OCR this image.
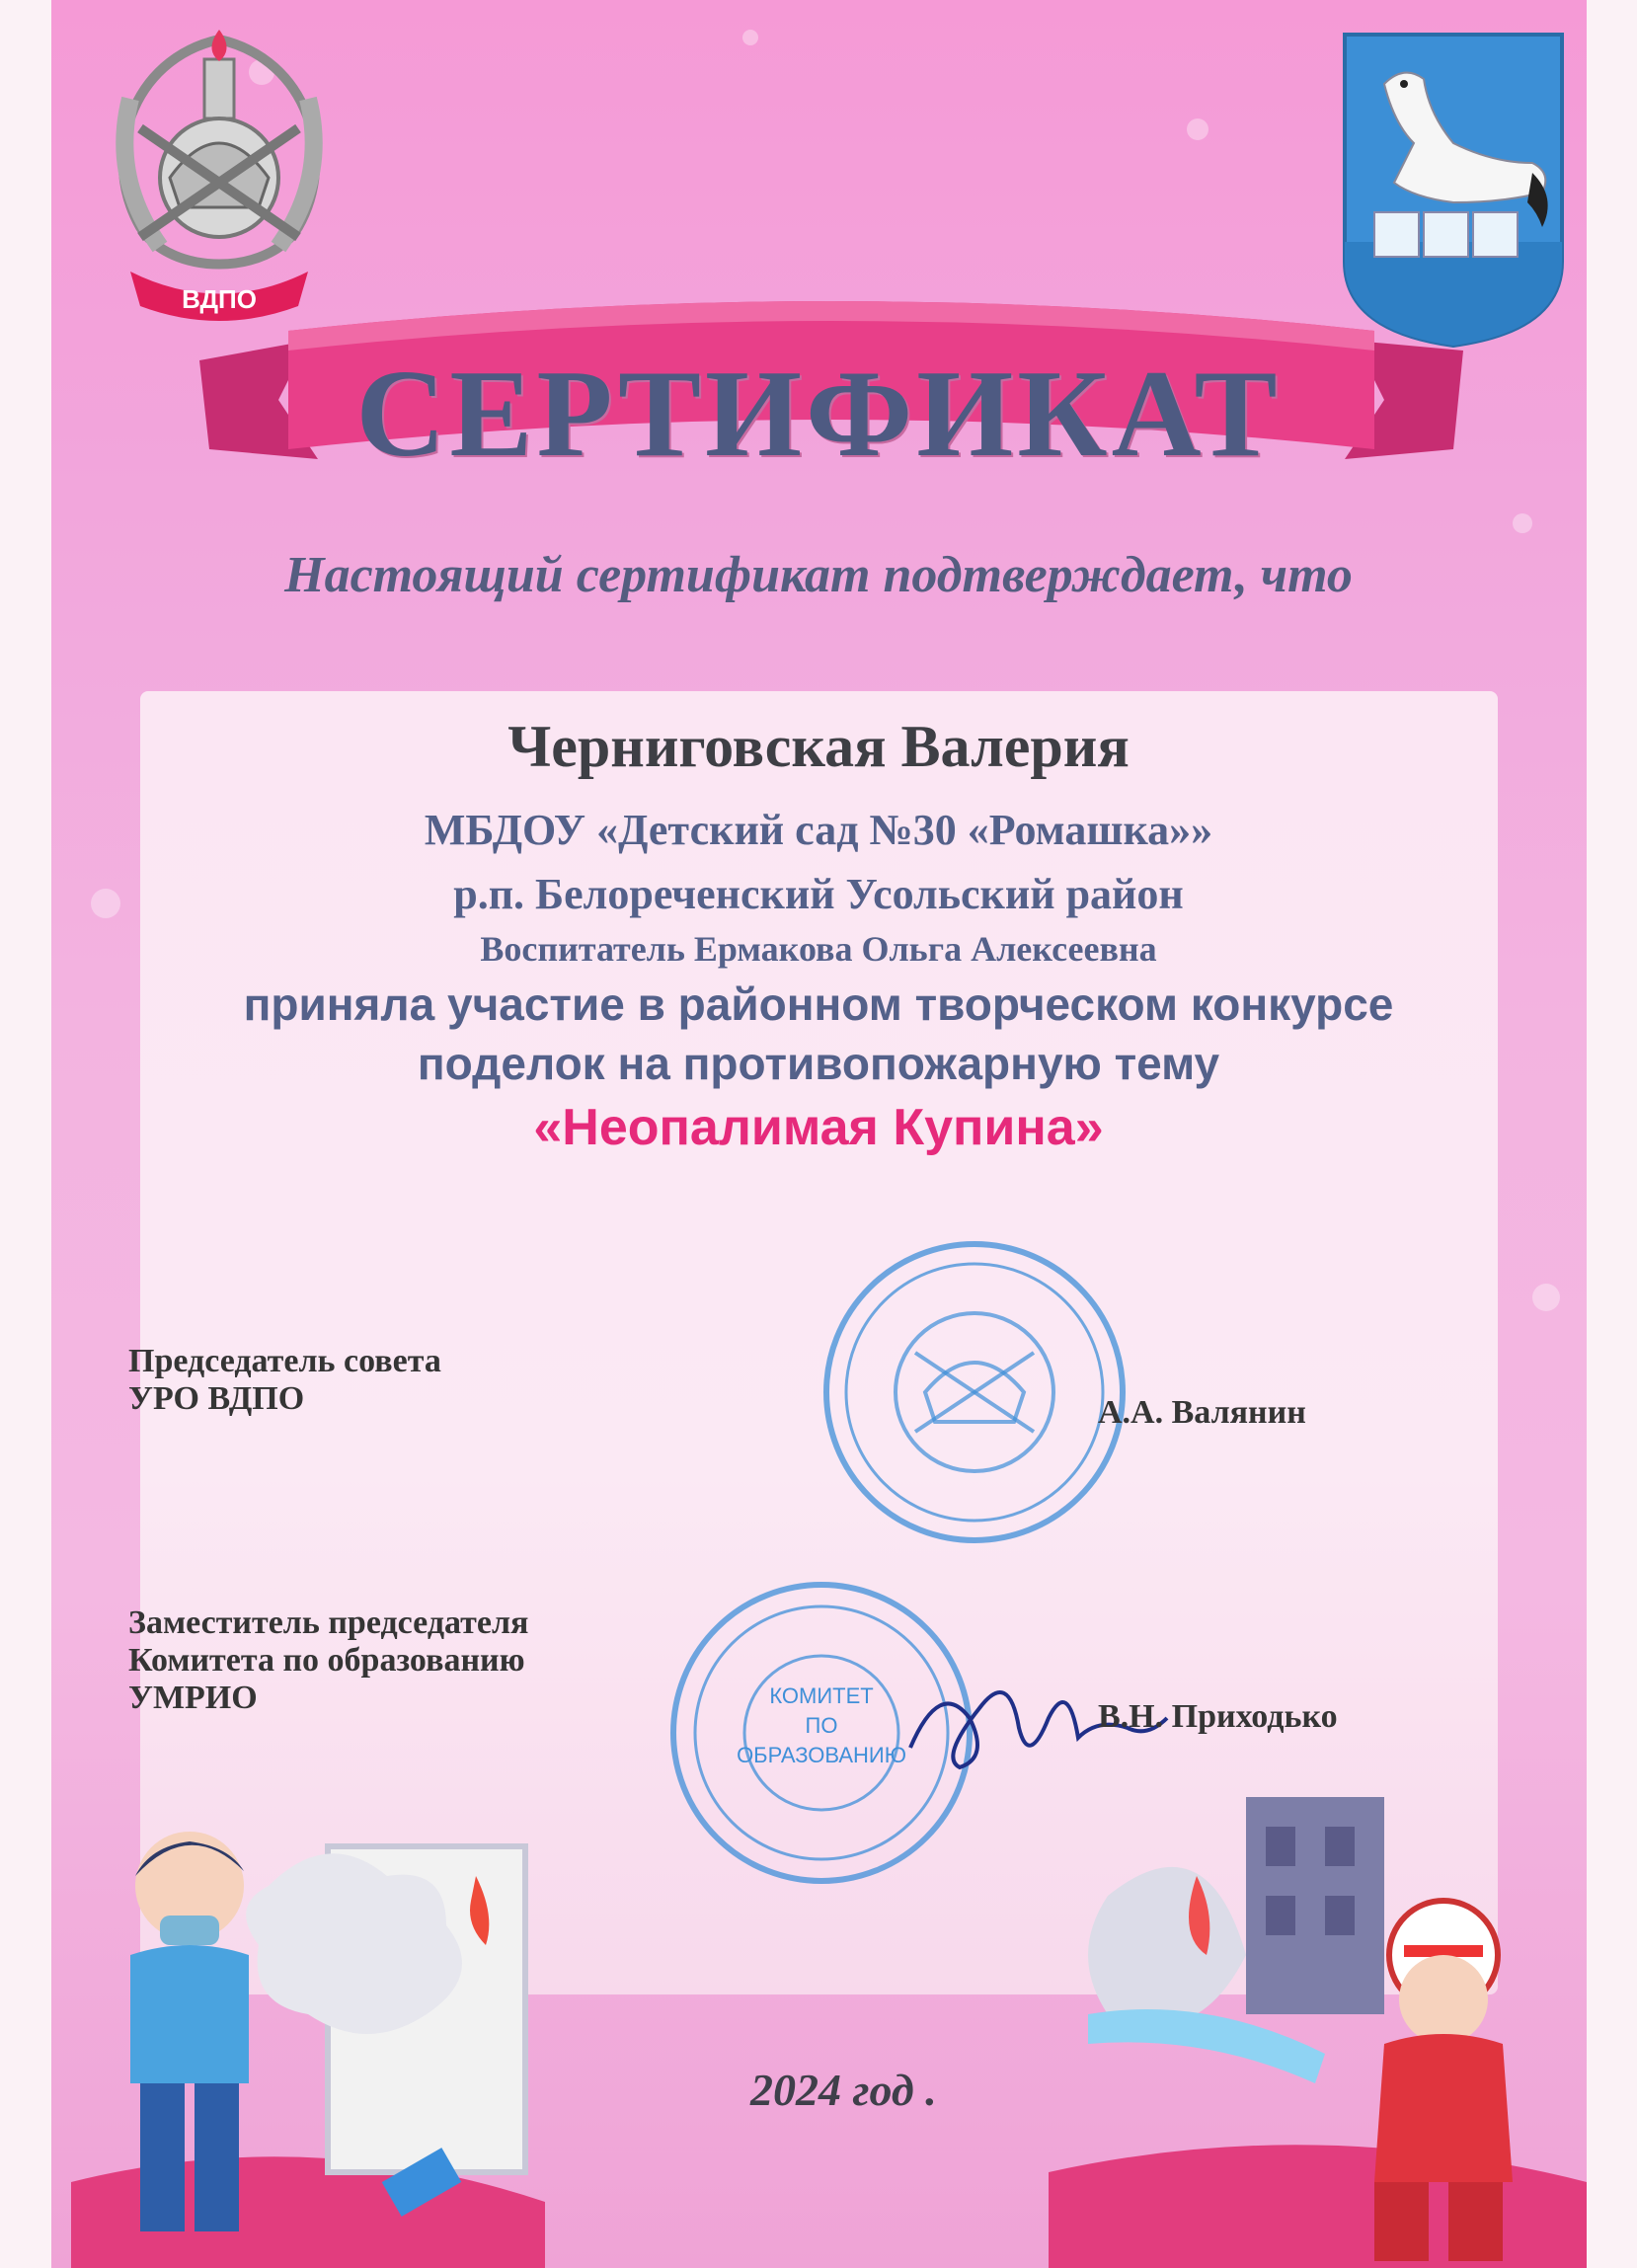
ВДПО
КОМИТЕТ
ПО
ОБРАЗОВАНИЮ
СЕРТИФИКАТ
Настоящий сертификат подтверждает, что
Черниговская Валерия
МБДОУ «Детский сад №30 «Ромашка»»
р.п. Белореченский Усольский район
Воспитатель Ермакова Ольга Алексеевна
приняла участие в районном творческом конкурсе
поделок на противопожарную тему
«Неопалимая Купина»
Председатель совета
УРО ВДПО	А.А. Валянин
Заместитель председателя
Комитета по образованию
УМРИО
В.Н. Приходько
2024 год .
